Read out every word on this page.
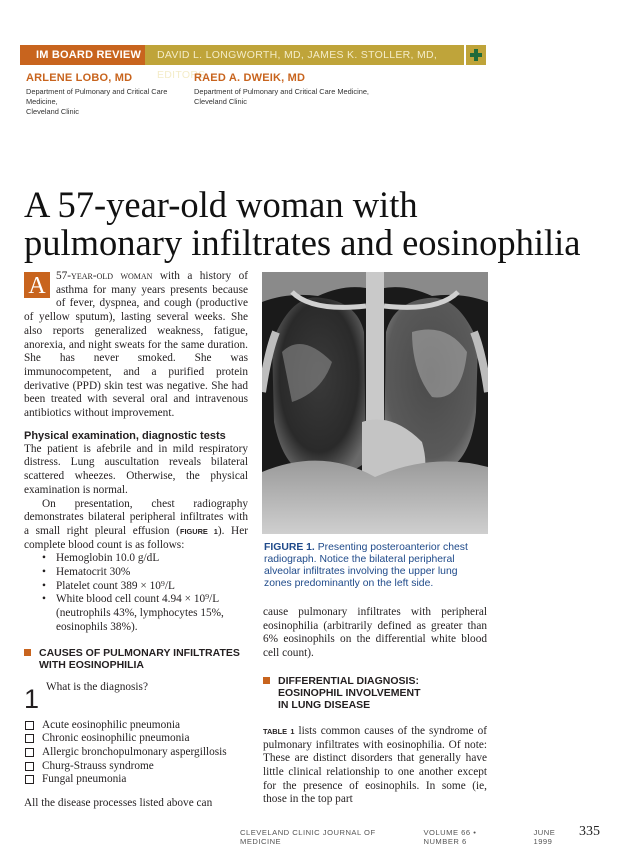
IM BOARD REVIEW	DAVID L. LONGWORTH, MD, JAMES K. STOLLER, MD, EDITORS
ARLENE LOBO, MD
Department of Pulmonary and Critical Care Medicine,
Cleveland Clinic
RAED A. DWEIK, MD
Department of Pulmonary and Critical Care Medicine,
Cleveland Clinic
A 57-year-old woman with
pulmonary infiltrates and eosinophilia

A 57-year-old woman with a history of asthma for many years presents because of fever, dyspnea, and cough (productive of yellow sputum), lasting several weeks. She also reports generalized weakness, fatigue, anorexia, and night sweats for the same duration. She has never smoked. She was immunocompetent, and a purified protein derivative (PPD) skin test was negative. She had been treated with several oral and intravenous antibiotics without improvement.

Physical examination, diagnostic tests

The patient is afebrile and in mild respiratory distress. Lung auscultation reveals bilateral scattered wheezes. Otherwise, the physical examination is normal.

On presentation, chest radiography demonstrates bilateral peripheral infiltrates with a small right pleural effusion (FIGURE 1). Her complete blood count is as follows:

• Hemoglobin 10.0 g/dL
• Hematocrit 30%
• Platelet count 389 × 10⁹/L
• White blood cell count 4.94 × 10⁹/L (neutrophils 43%, lymphocytes 15%, eosinophils 38%).
CAUSES OF PULMONARY INFILTRATES
WITH EOSINOPHILIA
1 What is the diagnosis?
Acute eosinophilic pneumonia
Chronic eosinophilic pneumonia
Allergic bronchopulmonary aspergillosis
Churg-Strauss syndrome
Fungal pneumonia

All the disease processes listed above can

FIGURE 1. Presenting posteroanterior chest radiograph. Notice the bilateral peripheral alveolar infiltrates involving the upper lung zones predominantly on the left side.

cause pulmonary infiltrates with peripheral eosinophilia (arbitrarily defined as greater than 6% eosinophils on the differential white blood cell count).

DIFFERENTIAL DIAGNOSIS:
EOSINOPHIL INVOLVEMENT
IN LUNG DISEASE

TABLE 1 lists common causes of the syndrome of pulmonary infiltrates with eosinophilia. Of note: These are distinct disorders that generally have little clinical relationship to one another except for the presence of eosinophils. In some (ie, those in the top part

CLEVELAND CLINIC JOURNAL OF MEDICINE
VOLUME 66 • NUMBER 6
JUNE 1999
335
